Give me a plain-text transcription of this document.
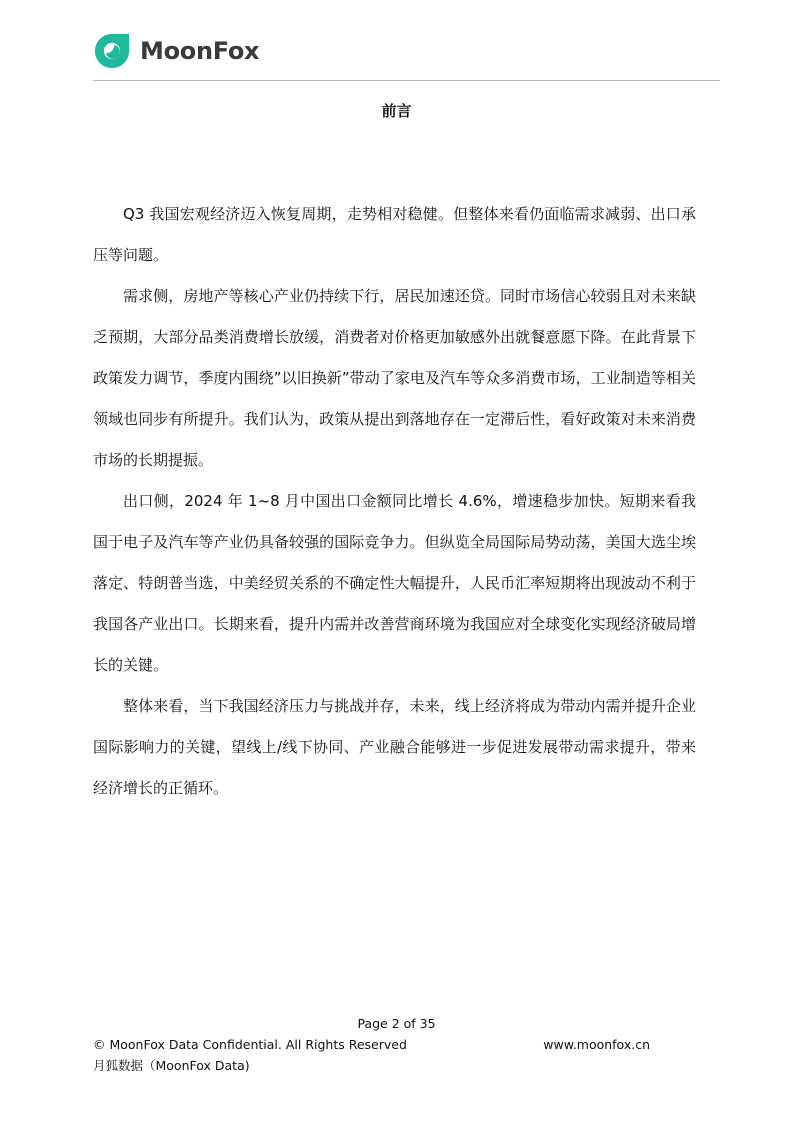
MoonFox
前言

Q3 我国宏观经济迈入恢复周期，走势相对稳健。但整体来看仍面临需求减弱、出口承压等问题。

需求侧，房地产等核心产业仍持续下行，居民加速还贷。同时市场信心较弱且对未来缺乏预期，大部分品类消费增长放缓，消费者对价格更加敏感外出就餐意愿下降。在此背景下政策发力调节，季度内围绕”以旧换新”带动了家电及汽车等众多消费市场，工业制造等相关领域也同步有所提升。我们认为，政策从提出到落地存在一定滞后性，看好政策对未来消费市场的长期提振。

出口侧，2024 年 1~8 月中国出口金额同比增长 4.6%，增速稳步加快。短期来看我国于电子及汽车等产业仍具备较强的国际竞争力。但纵览全局国际局势动荡，美国大选尘埃落定、特朗普当选，中美经贸关系的不确定性大幅提升，人民币汇率短期将出现波动不利于我国各产业出口。长期来看，提升内需并改善营商环境为我国应对全球变化实现经济破局增长的关键。

整体来看，当下我国经济压力与挑战并存，未来，线上经济将成为带动内需并提升企业国际影响力的关键，望线上/线下协同、产业融合能够进一步促进发展带动需求提升，带来经济增长的正循环。

Page 2 of 35
© MoonFox Data Confidential. All Rights Reserved	www.moonfox.cn
月狐数据（MoonFox Data)
